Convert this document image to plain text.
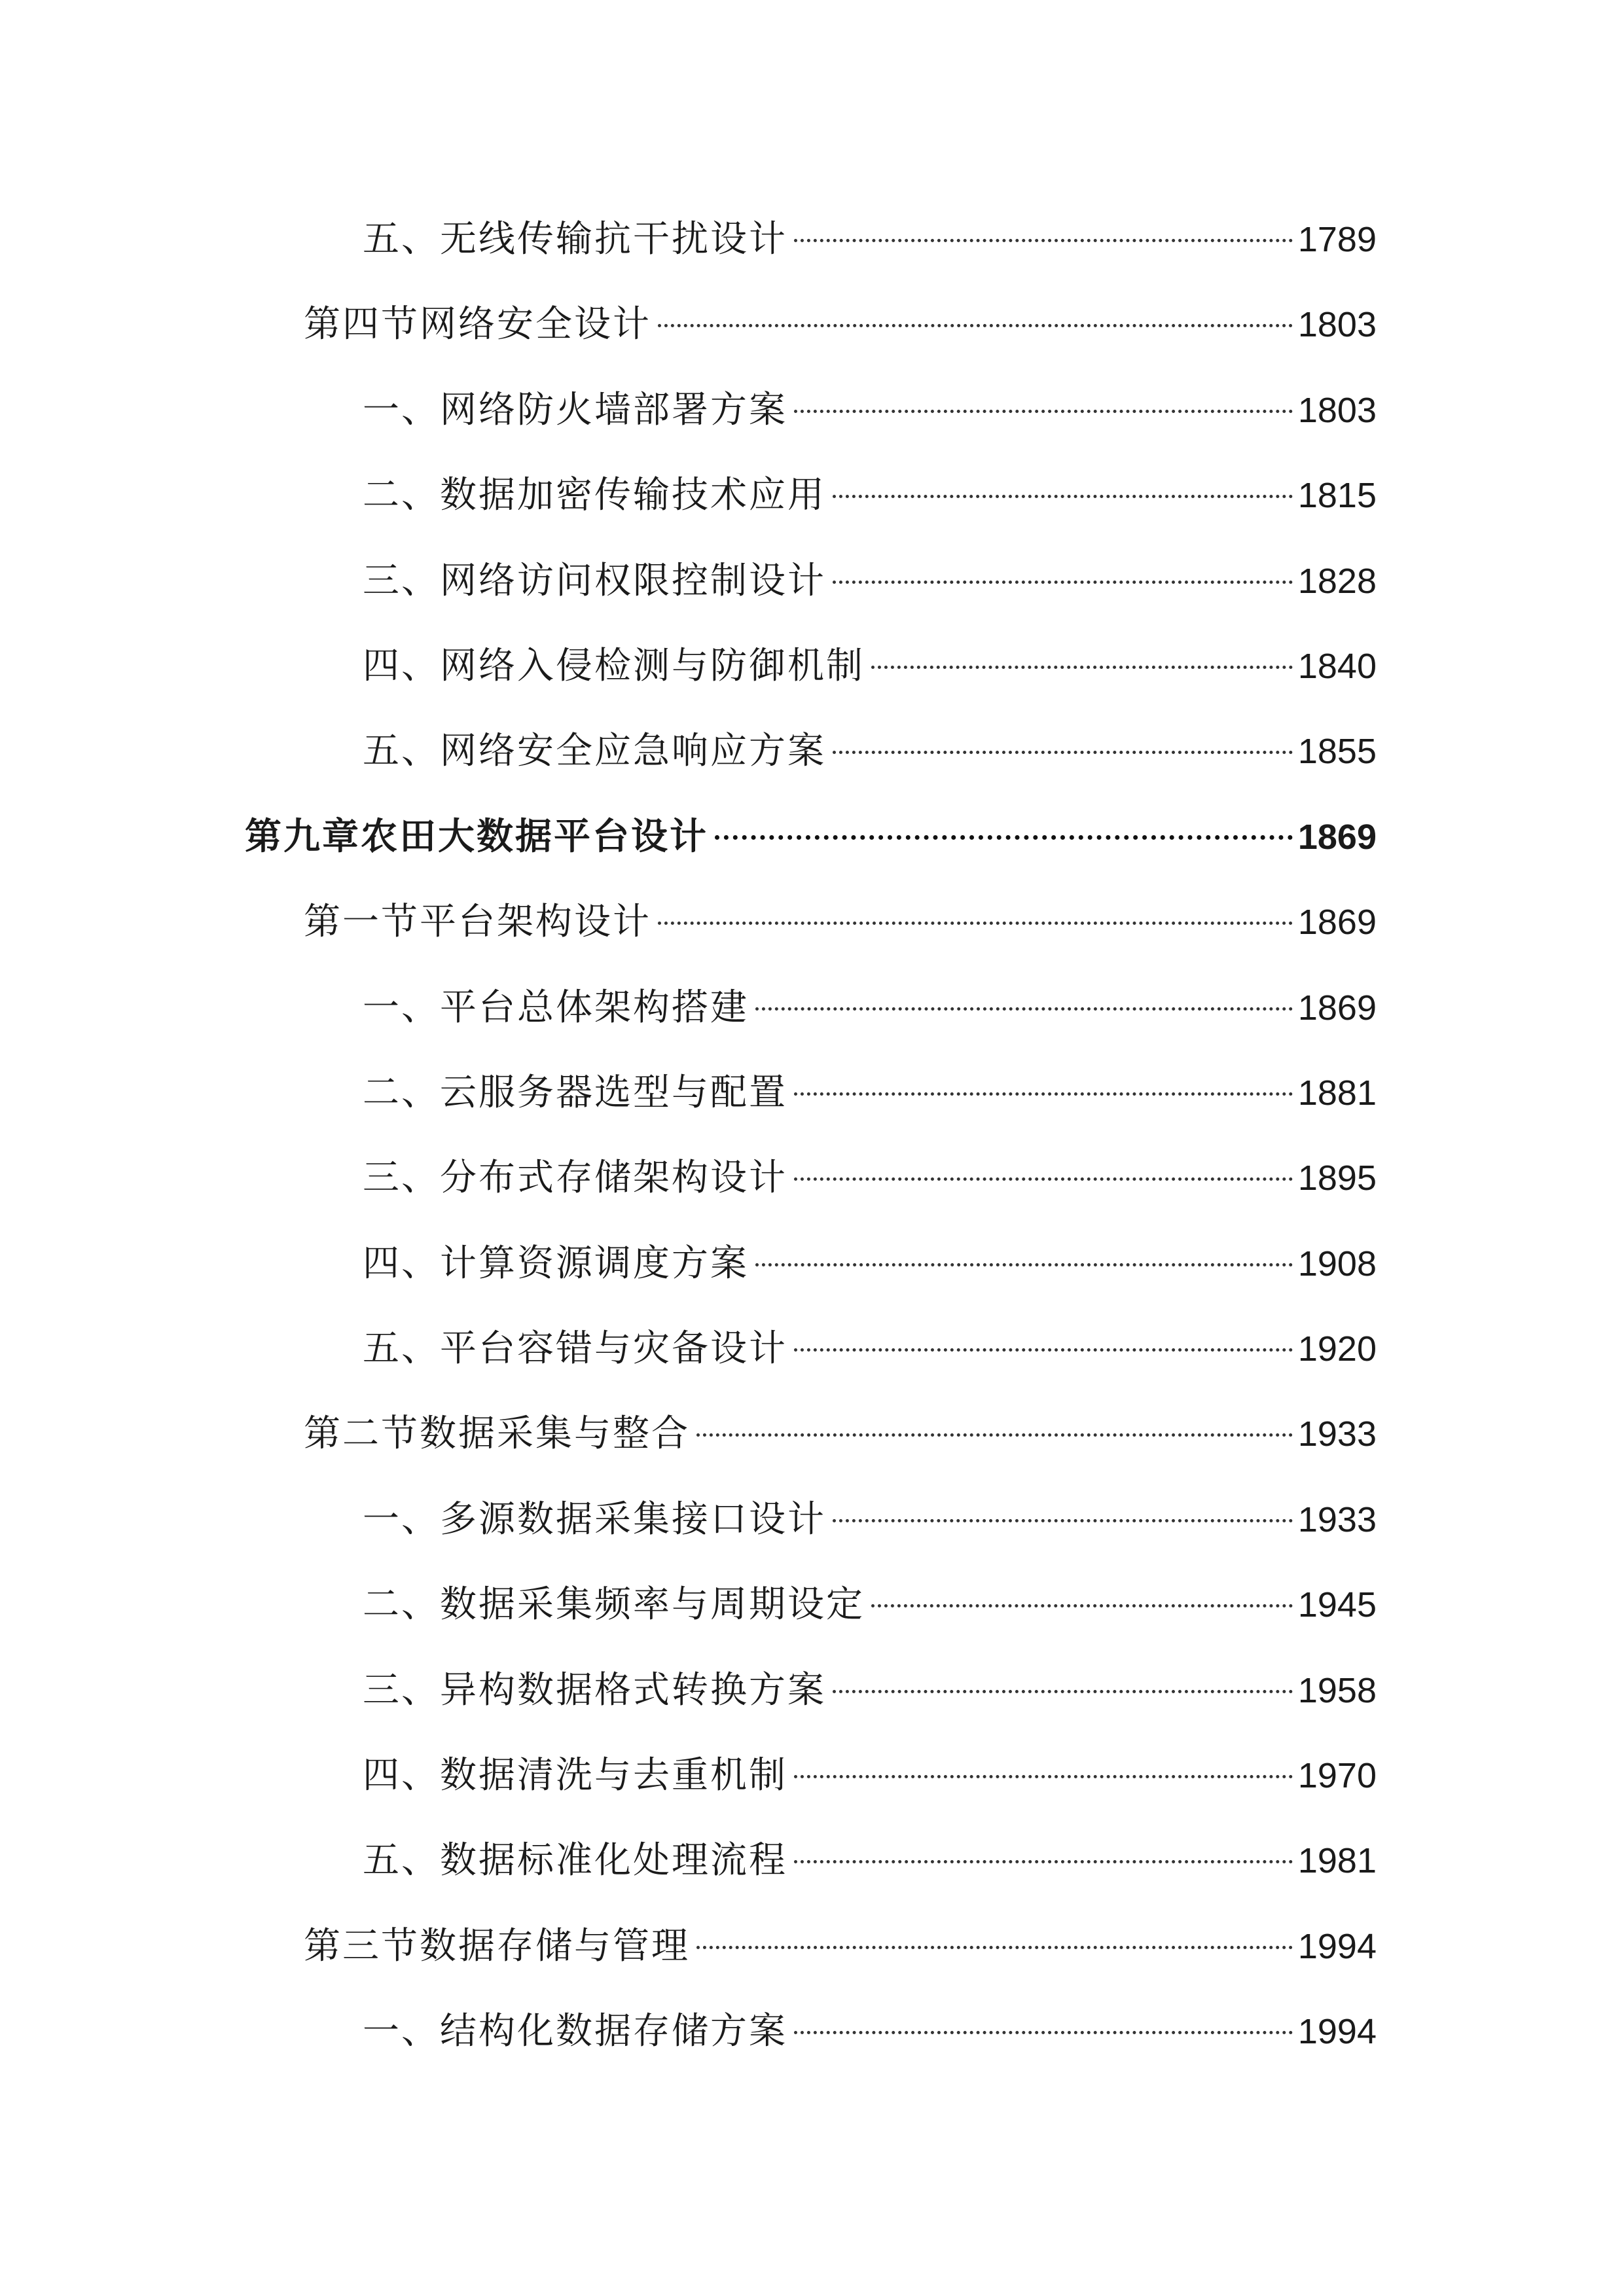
五、无线传输抗干扰设计	1789
第四节网络安全设计	1803
一、网络防火墙部署方案	1803
二、数据加密传输技术应用	1815
三、网络访问权限控制设计	1828
四、网络入侵检测与防御机制	1840
五、网络安全应急响应方案	1855
第九章农田大数据平台设计	1869
第一节平台架构设计	1869
一、平台总体架构搭建	1869
二、云服务器选型与配置	1881
三、分布式存储架构设计	1895
四、计算资源调度方案	1908
五、平台容错与灾备设计	1920
第二节数据采集与整合	1933
一、多源数据采集接口设计	1933
二、数据采集频率与周期设定	1945
三、异构数据格式转换方案	1958
四、数据清洗与去重机制	1970
五、数据标准化处理流程	1981
第三节数据存储与管理	1994
一、结构化数据存储方案	1994
